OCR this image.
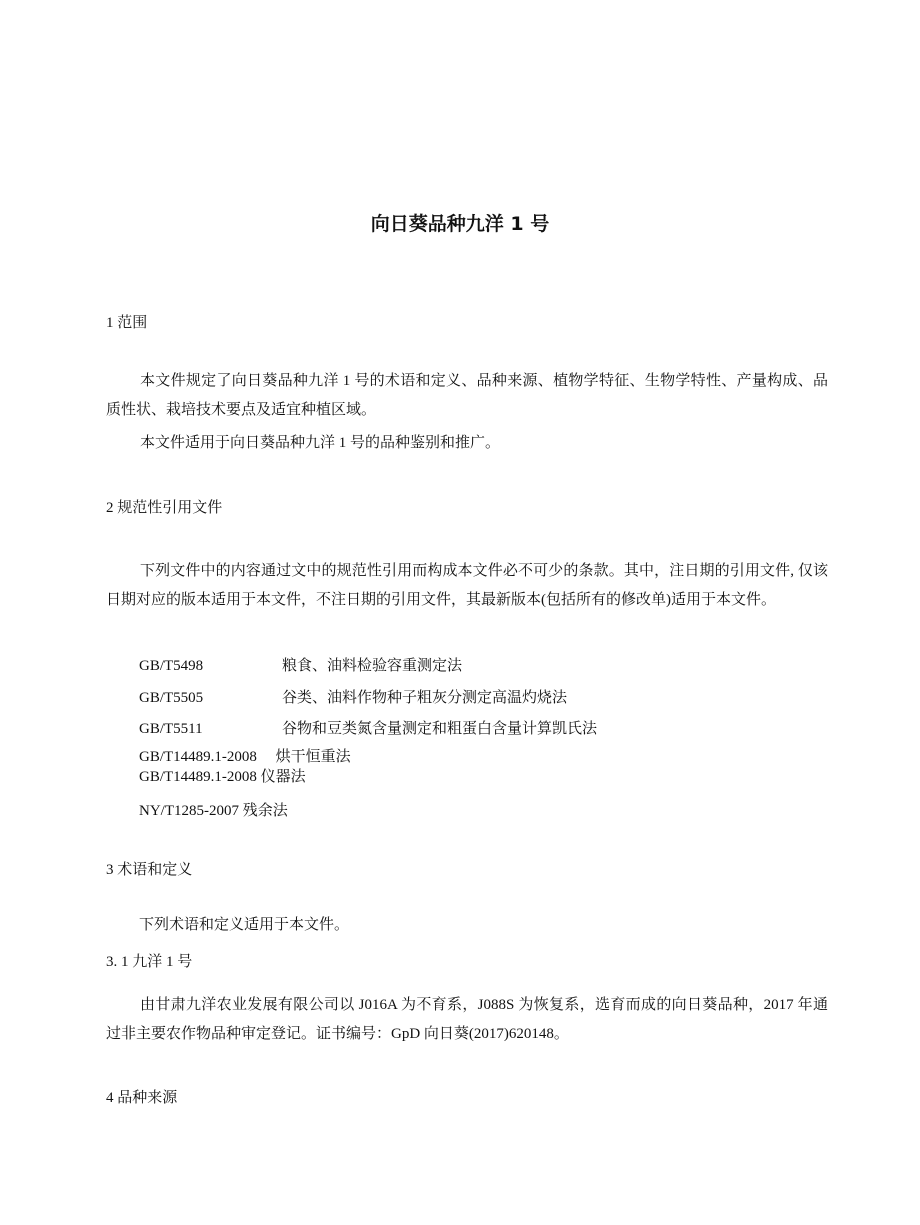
向日葵品种九洋 1 号
1 范围
本文件规定了向日葵品种九洋 1 号的术语和定义、品种来源、植物学特征、生物学特性、产量构成、品质性状、栽培技术要点及适宜种植区域。
本文件适用于向日葵品种九洋 1 号的品种鉴别和推广。
2 规范性引用文件
下列文件中的内容通过文中的规范性引用而构成本文件必不可少的条款。其中，注日期的引用文件, 仅该日期对应的版本适用于本文件，不注日期的引用文件，其最新版本(包括所有的修改单)适用于本文件。
GB/T5498	粮食、油料检验容重测定法
GB/T5505	谷类、油料作物种子粗灰分测定高温灼烧法
GB/T5511	谷物和豆类氮含量测定和粗蛋白含量计算凯氏法
GB/T14489.1-2008　 烘干恒重法
GB/T14489.1-2008 仪器法
NY/T1285-2007 残余法
3 术语和定义
下列术语和定义适用于本文件。
3. 1 九洋 1 号
由甘肃九洋农业发展有限公司以 J016A 为不育系，J088S 为恢复系，选育而成的向日葵品种，2017 年通过非主要农作物品种审定登记。证书编号：GpD 向日葵(2017)620148。
4 品种来源
